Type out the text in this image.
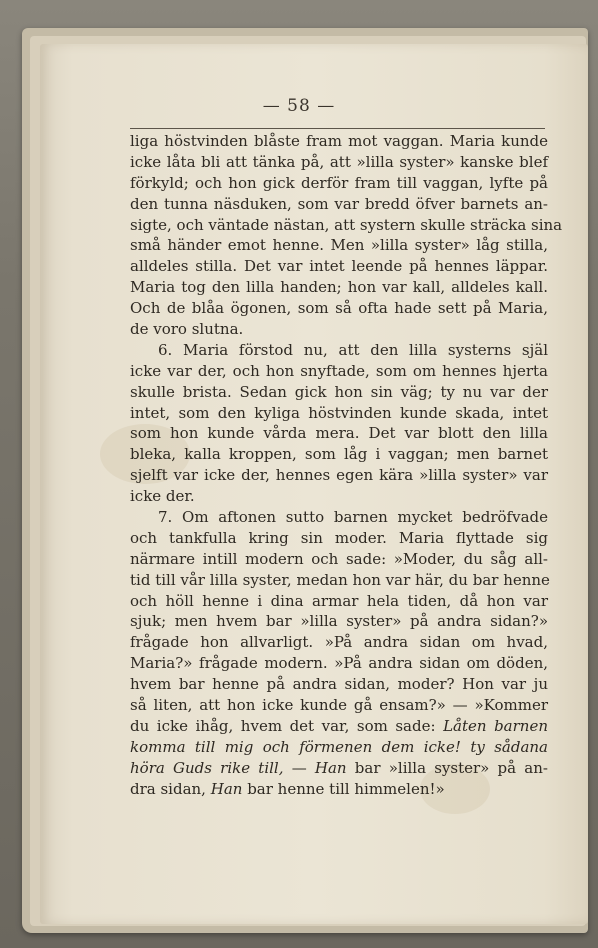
— 58 —
liga höstvinden blåste fram mot vaggan. Maria kunde
icke låta bli att tänka på, att »lilla syster» kanske blef
förkyld; och hon gick derför fram till vaggan, lyfte på
den tunna näsduken, som var bredd öfver barnets an-
sigte, och väntade nästan, att systern skulle sträcka sina
små händer emot henne. Men »lilla syster» låg stilla,
alldeles stilla. Det var intet leende på hennes läppar.
Maria tog den lilla handen; hon var kall, alldeles kall.
Och de blåa ögonen, som så ofta hade sett på Maria,
de voro slutna.
6. Maria förstod nu, att den lilla systerns själ
icke var der, och hon snyftade, som om hennes hjerta
skulle brista. Sedan gick hon sin väg; ty nu var der
intet, som den kyliga höstvinden kunde skada, intet
som hon kunde vårda mera. Det var blott den lilla
bleka, kalla kroppen, som låg i vaggan; men barnet
sjelft var icke der, hennes egen kära »lilla syster» var
icke der.
7. Om aftonen sutto barnen mycket bedröfvade
och tankfulla kring sin moder. Maria flyttade sig
närmare intill modern och sade: »Moder, du såg all-
tid till vår lilla syster, medan hon var här, du bar henne
och höll henne i dina armar hela tiden, då hon var
sjuk; men hvem bar »lilla syster» på andra sidan?»
frågade hon allvarligt. »På andra sidan om hvad,
Maria?» frågade modern. »På andra sidan om döden,
hvem bar henne på andra sidan, moder? Hon var ju
så liten, att hon icke kunde gå ensam?» — »Kommer
du icke ihåg, hvem det var, som sade: Låten barnen
komma till mig och förmenen dem icke! ty sådana
höra Guds rike till, — Han bar »lilla syster» på an-
dra sidan, Han bar henne till himmelen!»
